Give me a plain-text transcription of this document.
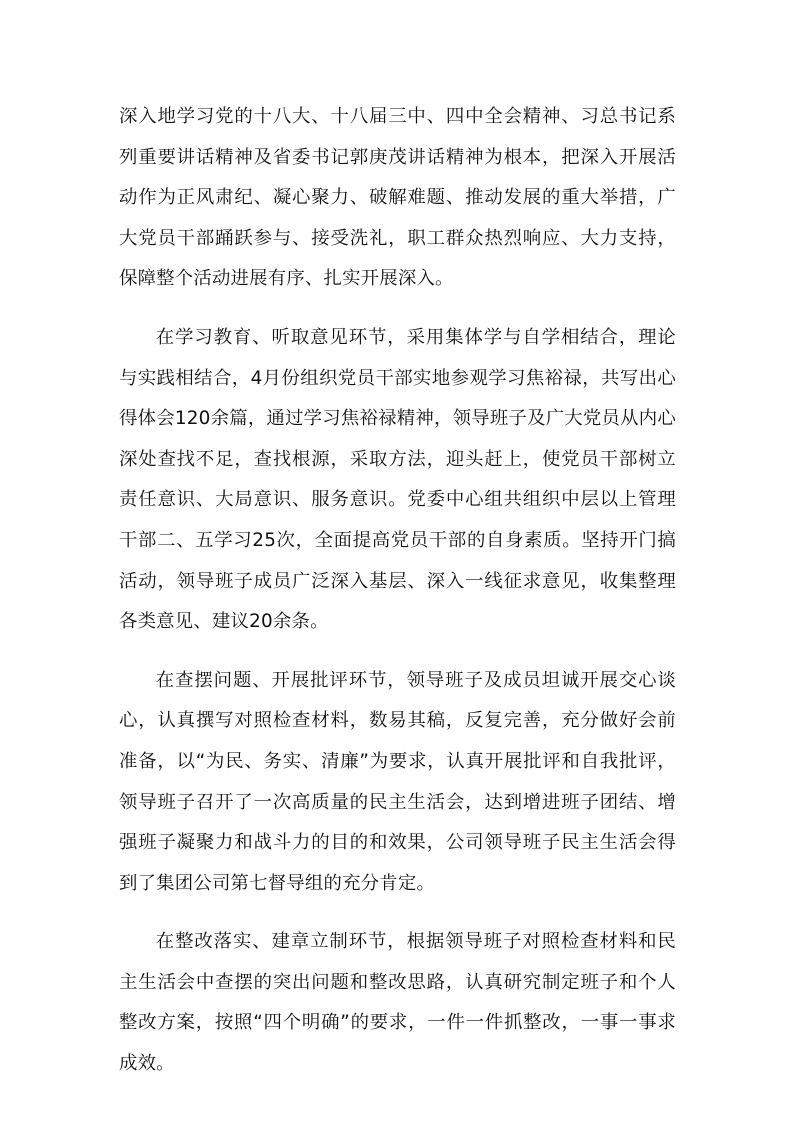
深入地学习党的十八大、十八届三中、四中全会精神、习总书记系列重要讲话精神及省委书记郭庚茂讲话精神为根本，把深入开展活动作为正风肃纪、凝心聚力、破解难题、推动发展的重大举措，广大党员干部踊跃参与、接受洗礼，职工群众热烈响应、大力支持，保障整个活动进展有序、扎实开展深入。

在学习教育、听取意见环节，采用集体学与自学相结合，理论与实践相结合，4月份组织党员干部实地参观学习焦裕禄，共写出心得体会120余篇，通过学习焦裕禄精神，领导班子及广大党员从内心深处查找不足，查找根源，采取方法，迎头赶上，使党员干部树立责任意识、大局意识、服务意识。党委中心组共组织中层以上管理干部二、五学习25次，全面提高党员干部的自身素质。坚持开门搞活动，领导班子成员广泛深入基层、深入一线征求意见，收集整理各类意见、建议20余条。

在查摆问题、开展批评环节，领导班子及成员坦诚开展交心谈心，认真撰写对照检查材料，数易其稿，反复完善，充分做好会前准备，以“为民、务实、清廉”为要求，认真开展批评和自我批评，领导班子召开了一次高质量的民主生活会，达到增进班子团结、增强班子凝聚力和战斗力的目的和效果，公司领导班子民主生活会得到了集团公司第七督导组的充分肯定。

在整改落实、建章立制环节，根据领导班子对照检查材料和民主生活会中查摆的突出问题和整改思路，认真研究制定班子和个人整改方案，按照“四个明确”的要求，一件一件抓整改，一事一事求成效。
